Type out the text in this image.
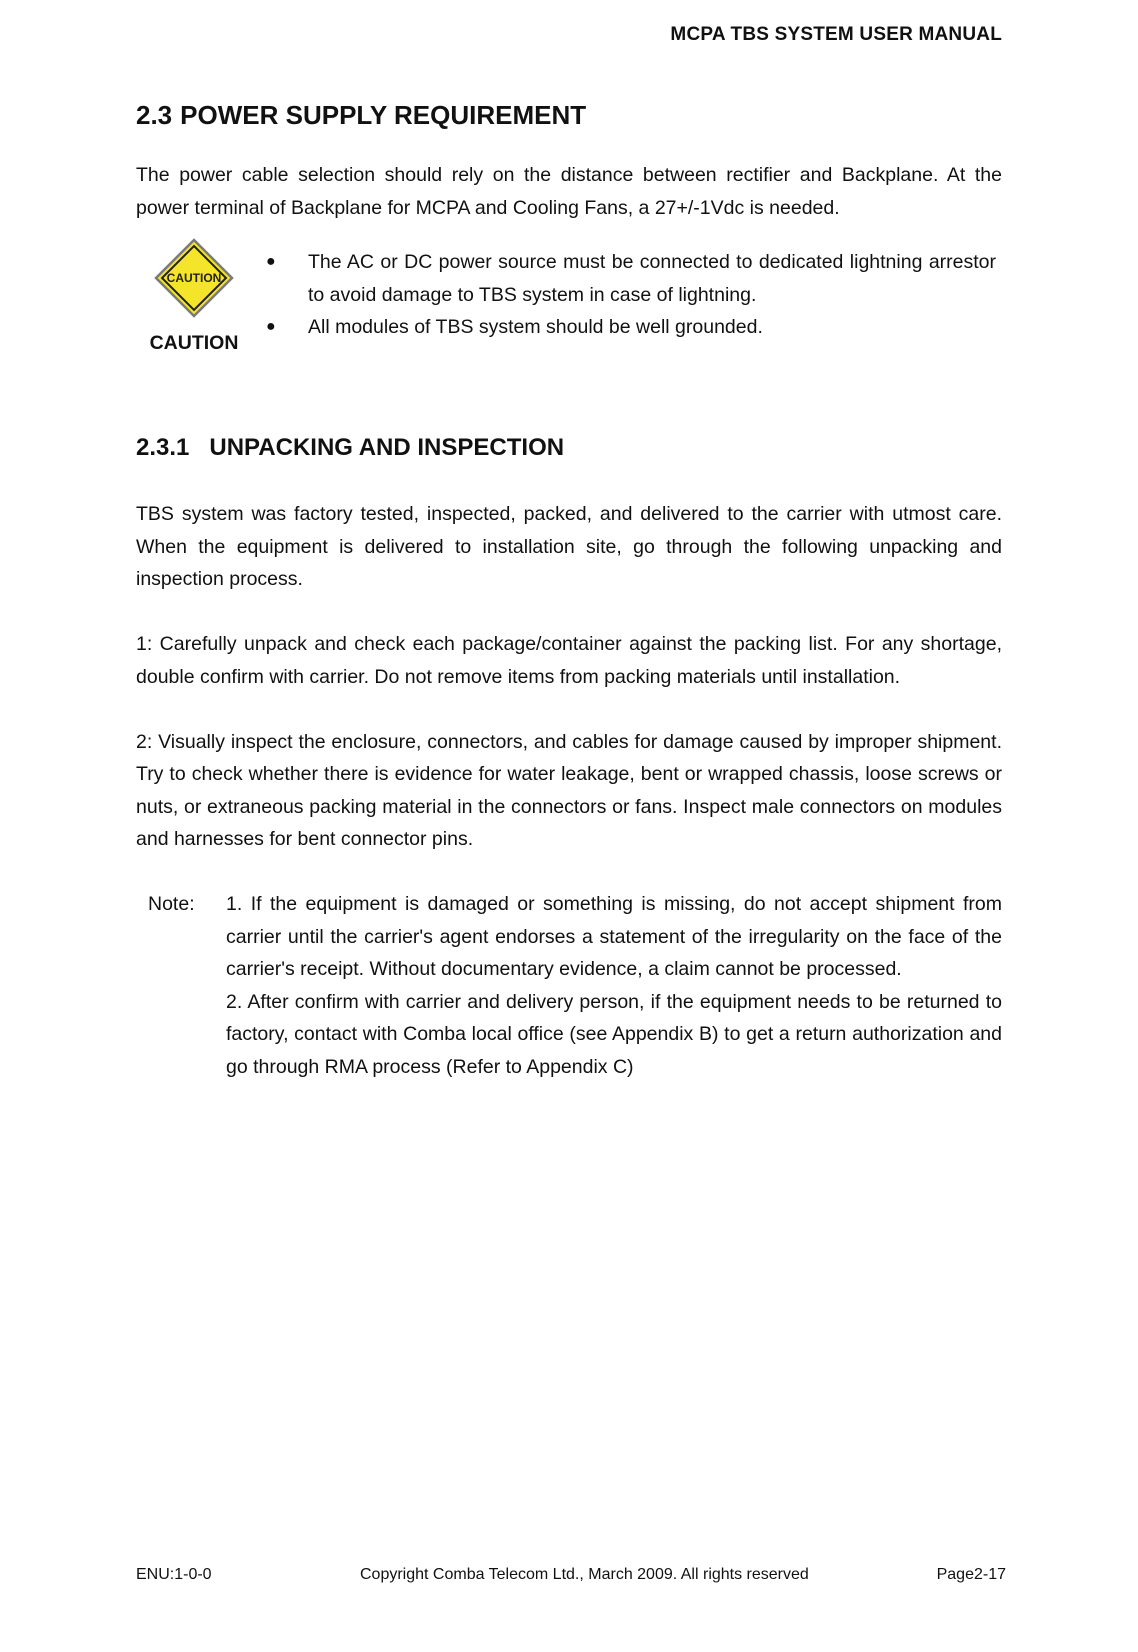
MCPA TBS SYSTEM USER MANUAL
2.3 POWER SUPPLY REQUIREMENT

The power cable selection should rely on the distance between rectifier and Backplane. At the power terminal of Backplane for MCPA and Cooling Fans, a 27+/-1Vdc is needed.

CAUTION
CAUTION
● The AC or DC power source must be connected to dedicated lightning arrestor to avoid damage to TBS system in case of lightning.
● All modules of TBS system should be well grounded.
2.3.1 UNPACKING AND INSPECTION

TBS system was factory tested, inspected, packed, and delivered to the carrier with utmost care. When the equipment is delivered to installation site, go through the following unpacking and inspection process.

1: Carefully unpack and check each package/container against the packing list. For any shortage, double confirm with carrier. Do not remove items from packing materials until installation.

2: Visually inspect the enclosure, connectors, and cables for damage caused by improper shipment. Try to check whether there is evidence for water leakage, bent or wrapped chassis, loose screws or nuts, or extraneous packing material in the connectors or fans. Inspect male connectors on modules and harnesses for bent connector pins.

Note: 1. If the equipment is damaged or something is missing, do not accept shipment from carrier until the carrier's agent endorses a statement of the irregularity on the face of the carrier's receipt. Without documentary evidence, a claim cannot be processed.

2. After confirm with carrier and delivery person, if the equipment needs to be returned to factory, contact with Comba local office (see Appendix B) to get a return authorization and go through RMA process (Refer to Appendix C)

ENU:1-0-0	Copyright Comba Telecom Ltd., March 2009. All rights reserved	Page2-17
